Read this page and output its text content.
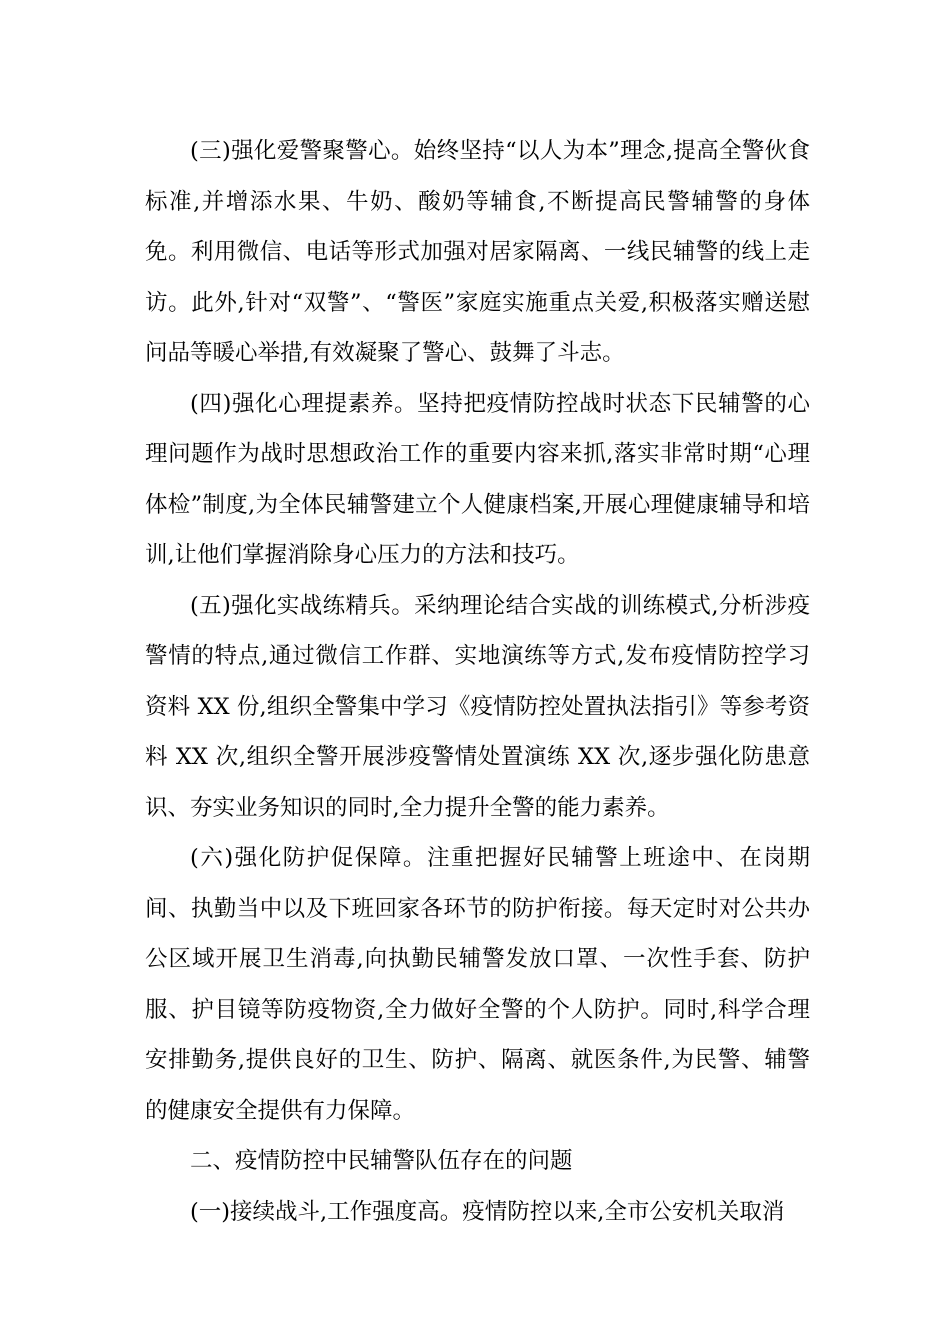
(三)强化爱警聚警心。始终坚持“以人为本”理念,提高全警伙食标准,并增添水果、牛奶、酸奶等辅食,不断提高民警辅警的身体免。利用微信、电话等形式加强对居家隔离、一线民辅警的线上走访。此外,针对“双警”、“警医”家庭实施重点关爱,积极落实赠送慰问品等暖心举措,有效凝聚了警心、鼓舞了斗志。

(四)强化心理提素养。坚持把疫情防控战时状态下民辅警的心理问题作为战时思想政治工作的重要内容来抓,落实非常时期“心理体检”制度,为全体民辅警建立个人健康档案,开展心理健康辅导和培训,让他们掌握消除身心压力的方法和技巧。

(五)强化实战练精兵。采纳理论结合实战的训练模式,分析涉疫警情的特点,通过微信工作群、实地演练等方式,发布疫情防控学习资料 XX 份,组织全警集中学习《疫情防控处置执法指引》等参考资料 XX 次,组织全警开展涉疫警情处置演练 XX 次,逐步强化防患意识、夯实业务知识的同时,全力提升全警的能力素养。

(六)强化防护促保障。注重把握好民辅警上班途中、在岗期间、执勤当中以及下班回家各环节的防护衔接。每天定时对公共办公区域开展卫生消毒,向执勤民辅警发放口罩、一次性手套、防护服、护目镜等防疫物资,全力做好全警的个人防护。同时,科学合理安排勤务,提供良好的卫生、防护、隔离、就医条件,为民警、辅警的健康安全提供有力保障。

二、疫情防控中民辅警队伍存在的问题

(一)接续战斗,工作强度高。疫情防控以来,全市公安机关取消
